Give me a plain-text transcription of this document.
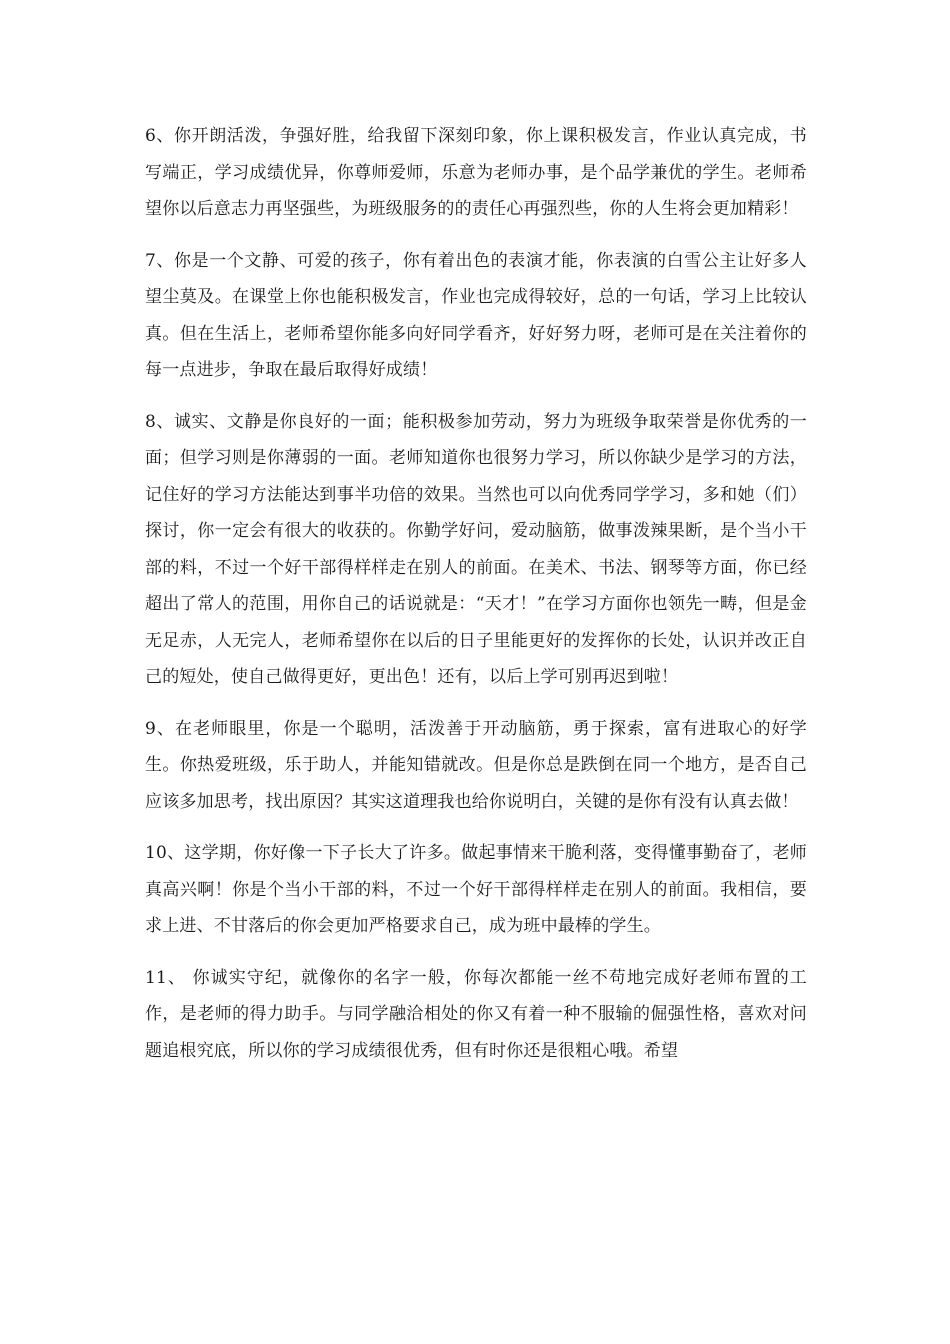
6、你开朗活泼，争强好胜，给我留下深刻印象，你上课积极发言，作业认真完成，书写端正，学习成绩优异，你尊师爱师，乐意为老师办事，是个品学兼优的学生。老师希望你以后意志力再坚强些，为班级服务的的责任心再强烈些，你的人生将会更加精彩！

7、你是一个文静、可爱的孩子，你有着出色的表演才能，你表演的白雪公主让好多人望尘莫及。在课堂上你也能积极发言，作业也完成得较好，总的一句话，学习上比较认真。但在生活上，老师希望你能多向好同学看齐，好好努力呀，老师可是在关注着你的每一点进步，争取在最后取得好成绩！

8、诚实、文静是你良好的一面；能积极参加劳动，努力为班级争取荣誉是你优秀的一面；但学习则是你薄弱的一面。老师知道你也很努力学习，所以你缺少是学习的方法，记住好的学习方法能达到事半功倍的效果。当然也可以向优秀同学学习，多和她（们）探讨，你一定会有很大的收获的。你勤学好问，爱动脑筋，做事泼辣果断，是个当小干部的料，不过一个好干部得样样走在别人的前面。在美术、书法、钢琴等方面，你已经超出了常人的范围，用你自己的话说就是：“天才！”在学习方面你也领先一畴，但是金无足赤，人无完人，老师希望你在以后的日子里能更好的发挥你的长处，认识并改正自己的短处，使自己做得更好，更出色！还有，以后上学可别再迟到啦！

9、在老师眼里，你是一个聪明，活泼善于开动脑筋，勇于探索，富有进取心的好学生。你热爱班级，乐于助人，并能知错就改。但是你总是跌倒在同一个地方，是否自己应该多加思考，找出原因？其实这道理我也给你说明白，关键的是你有没有认真去做！

10、这学期，你好像一下子长大了许多。做起事情来干脆利落，变得懂事勤奋了，老师真高兴啊！你是个当小干部的料，不过一个好干部得样样走在别人的前面。我相信，要求上进、不甘落后的你会更加严格要求自己，成为班中最棒的学生。

11、 你诚实守纪，就像你的名字一般，你每次都能一丝不苟地完成好老师布置的工作，是老师的得力助手。与同学融洽相处的你又有着一种不服输的倔强性格，喜欢对问题追根究底，所以你的学习成绩很优秀，但有时你还是很粗心哦。希望
